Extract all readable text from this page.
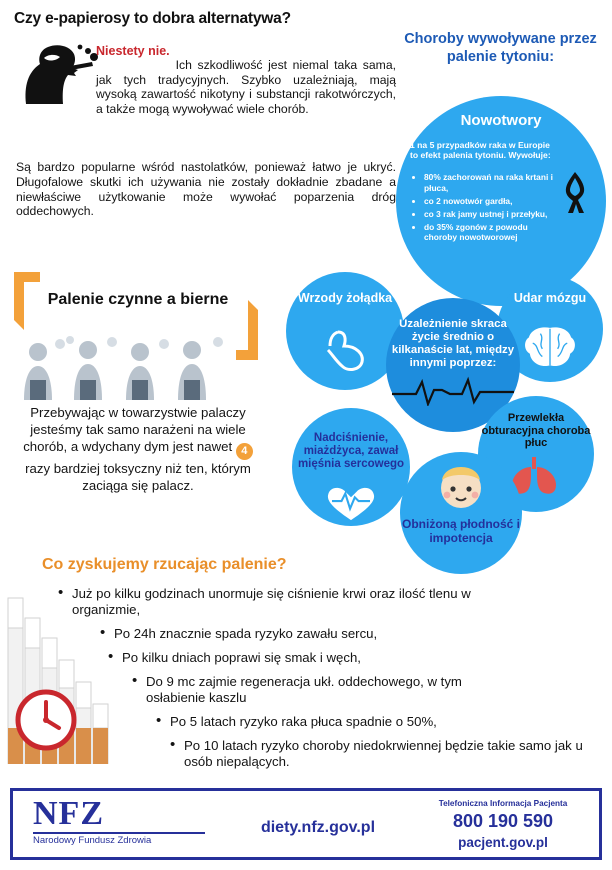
Czy e-papierosy to dobra alternatywa?
Niestety nie.
Ich szkodliwość jest niemal taka sama, jak tych tradycyjnych. Szybko uzależniają, mają wysoką zawartość nikotyny i substancji rakotwórczych, a także mogą wywoływać wiele chorób.
Są bardzo popularne wśród nastolatków, ponieważ łatwo je ukryć. Długofalowe skutki ich używania nie zostały dokładnie zbadane a niewłaściwe użytkowanie może wywołać poparzenia dróg oddechowych.
Choroby wywoływane przez palenie tytoniu:
Nowotwory
1 na 5 przypadków raka w Europie to efekt palenia tytoniu. Wywołuje:
• 80% zachorowań na raka krtani i płuca,
• co 2 nowotwór gardła,
• co 3 rak jamy ustnej i przełyku,
• do 35% zgonów z powodu choroby nowotworowej
Wrzody żołądka	Udar mózgu
Uzależnienie skraca życie średnio o kilkanaście lat, między innymi poprzez:
Przewlekła obturacyjna choroba płuc
Nadciśnienie, miażdżyca, zawał mięśnia sercowego
Obniżoną płodność i impotencja
Palenie czynne a bierne
Przebywając w towarzystwie palaczy jesteśmy tak samo narażeni na wiele chorób, a wdychany dym jest nawet 4 razy bardziej toksyczny niż ten, którym zaciąga się palacz.
Co zyskujemy rzucając palenie?
• Już po kilku godzinach unormuje się ciśnienie krwi oraz ilość tlenu w organizmie,
• Po 24h znacznie spada ryzyko zawału sercu,
• Po kilku dniach poprawi się smak i węch,
• Do 9 mc zajmie regeneracja ukł. oddechowego, w tym osłabienie kaszlu
• Po 5 latach ryzyko raka płuca spadnie o 50%,
• Po 10 latach ryzyko choroby niedokrwiennej będzie takie samo jak u osób niepalących.
NFZ
Narodowy Fundusz Zdrowia
diety.nfz.gov.pl
Telefoniczna Informacja Pacjenta
800 190 590
pacjent.gov.pl
